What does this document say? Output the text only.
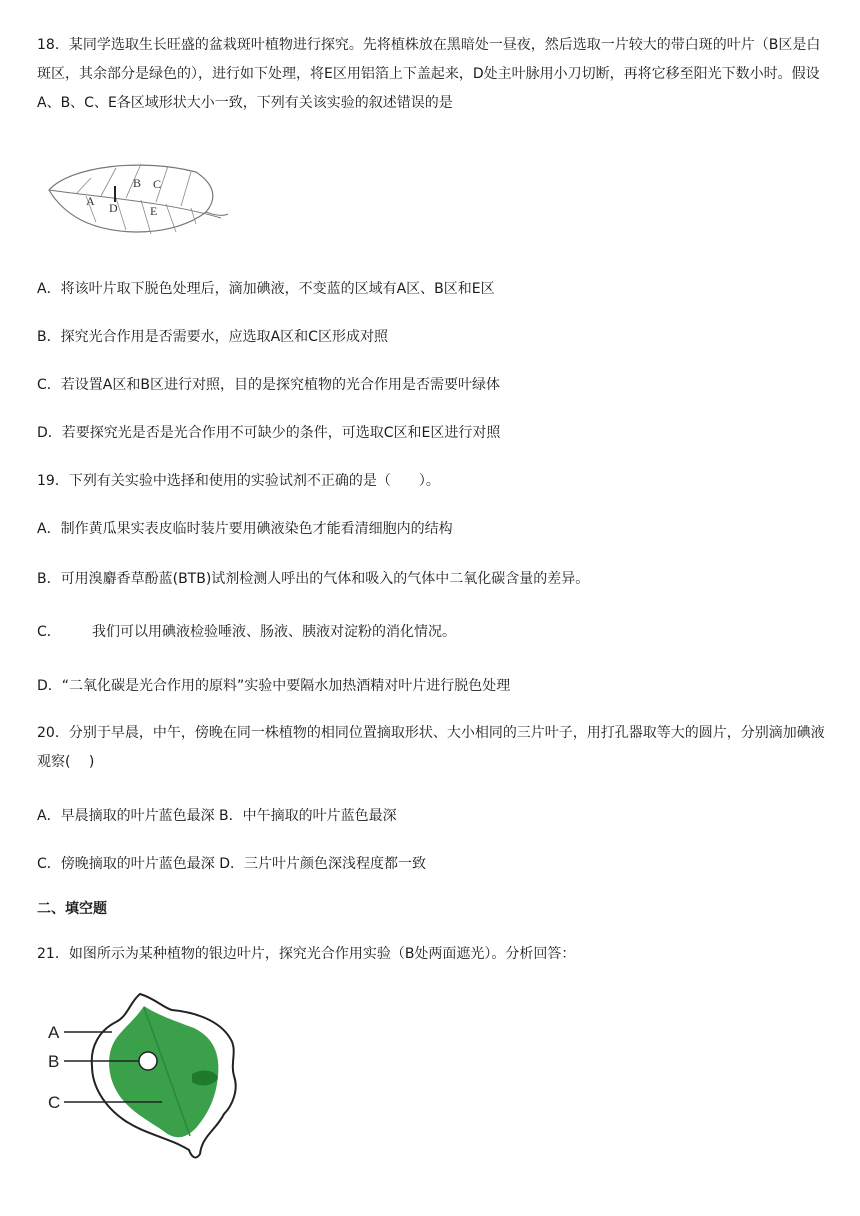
18．某同学选取生长旺盛的盆栽斑叶植物进行探究。先将植株放在黑暗处一昼夜，然后选取一片较大的带白斑的叶片（B区是白斑区，其余部分是绿色的），进行如下处理，将E区用铝箔上下盖起来，D处主叶脉用小刀切断，再将它移至阳光下数小时。假设A、B、C、E各区域形状大小一致，下列有关该实验的叙述错误的是
A
B C
D	E
A．将该叶片取下脱色处理后，滴加碘液，不变蓝的区域有A区、B区和E区
B．探究光合作用是否需要水，应选取A区和C区形成对照
C．若设置A区和B区进行对照，目的是探究植物的光合作用是否需要叶绿体
D．若要探究光是否是光合作用不可缺少的条件，可选取C区和E区进行对照
19．下列有关实验中选择和使用的实验试剂不正确的是（　　）。
A．制作黄瓜果实表皮临时装片要用碘液染色才能看清细胞内的结构
B．可用溴麝香草酚蓝(BTB)试剂检测人呼出的气体和吸入的气体中二氧化碳含量的差异。
C． 我们可以用碘液检验唾液、肠液、胰液对淀粉的消化情况。
D．“二氧化碳是光合作用的原料”实验中要隔水加热酒精对叶片进行脱色处理
20．分别于早晨，中午，傍晚在同一株植物的相同位置摘取形状、大小相同的三片叶子，用打孔器取等大的圆片，分别滴加碘液观察(　 )
A．早晨摘取的叶片蓝色最深 B．中午摘取的叶片蓝色最深
C．傍晚摘取的叶片蓝色最深 D．三片叶片颜色深浅程度都一致
二、填空题
21．如图所示为某种植物的银边叶片，探究光合作用实验（B处两面遮光）。分析回答：
A
B
C
